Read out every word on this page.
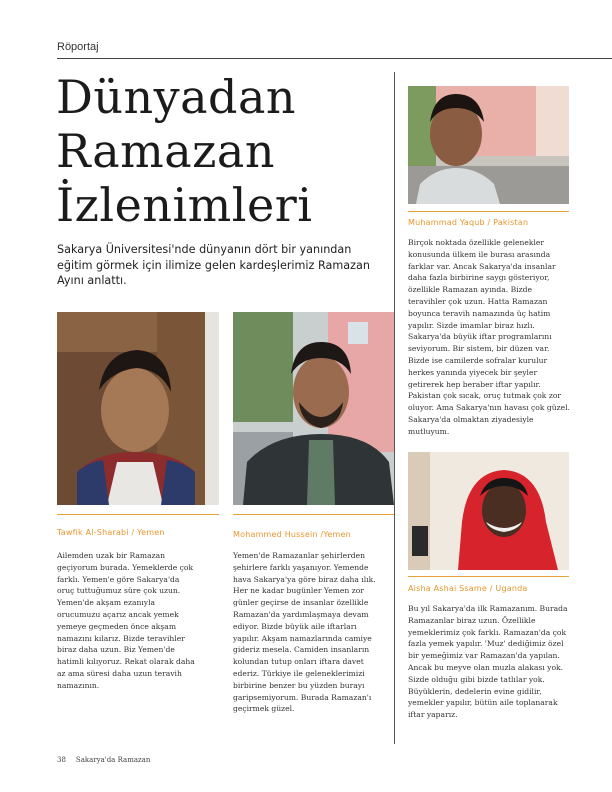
Röportaj
Dünyadan
Ramazan
İzlenimleri
Sakarya Üniversitesi'nde dünyanın dört bir yanından eğitim görmek için ilimize gelen kardeşlerimiz Ramazan Ayını anlattı.
Tawfik Al-Sharabi / Yemen	Mohammed Hussein /Yemen
Muhammad Yaqub / Pakistan
Aisha Ashai Ssame / Uganda
Ailemden uzak bir Ramazan geçiyorum burada. Yemeklerde çok farklı. Yemen'e göre Sakarya'da oruç tuttuğumuz süre çok uzun. Yemen'de akşam ezanıyla orucumuzu açarız ancak yemek yemeye geçmeden önce akşam namazını kılarız. Bizde teravihler biraz daha uzun. Biz Yemen'de hatimli kılıyoruz. Rekat olarak daha az ama süresi daha uzun teravih namazının.
Yemen'de Ramazanlar şehirlerden şehirlere farklı yaşanıyor. Yemende hava Sakarya'ya göre biraz daha ılık. Her ne kadar bugünler Yemen zor günler geçirse de insanlar özellikle Ramazan'da yardımlaşmaya devam ediyor. Bizde büyük aile iftarları yapılır. Akşam namazlarında camiye gideriz mesela. Camiden insanların kolundan tutup onları iftara davet ederiz. Türkiye ile geleneklerimizi birbirine benzer bu yüzden burayı garipsemiyorum. Burada Ramazan'ı geçirmek güzel.
Birçok noktada özellikle gelenekler konusunda ülkem ile burası arasında farklar var. Ancak Sakarya'da insanlar daha fazla birbirine saygı gösteriyor, özellikle Ramazan ayında. Bizde teravihler çok uzun. Hatta Ramazan boyunca teravih namazında üç hatim yapılır. Sizde imamlar biraz hızlı. Sakarya'da büyük iftar programlarını seviyorum. Bir sistem, bir düzen var. Bizde ise camilerde sofralar kurulur herkes yanında yiyecek bir şeyler getirerek hep beraber iftar yapılır. Pakistan çok sıcak, oruç tutmak çok zor oluyor. Ama Sakarya'nın havası çok güzel. Sakarya'da olmaktan ziyadesiyle mutluyum.
Bu yıl Sakarya'da ilk Ramazanım. Burada Ramazanlar biraz uzun. Özellikle yemeklerimiz çok farklı. Ramazan'da çok fazla yemek yapılır. 'Muz' dediğimiz özel bir yemeğimiz var Ramazan'da yapılan. Ancak bu meyve olan muzla alakası yok. Sizde olduğu gibi bizde tatlılar yok. Büyüklerin, dedelerin evine gidilir, yemekler yapılır, bütün aile toplanarak iftar yaparız.
38 Sakarya'da Ramazan
